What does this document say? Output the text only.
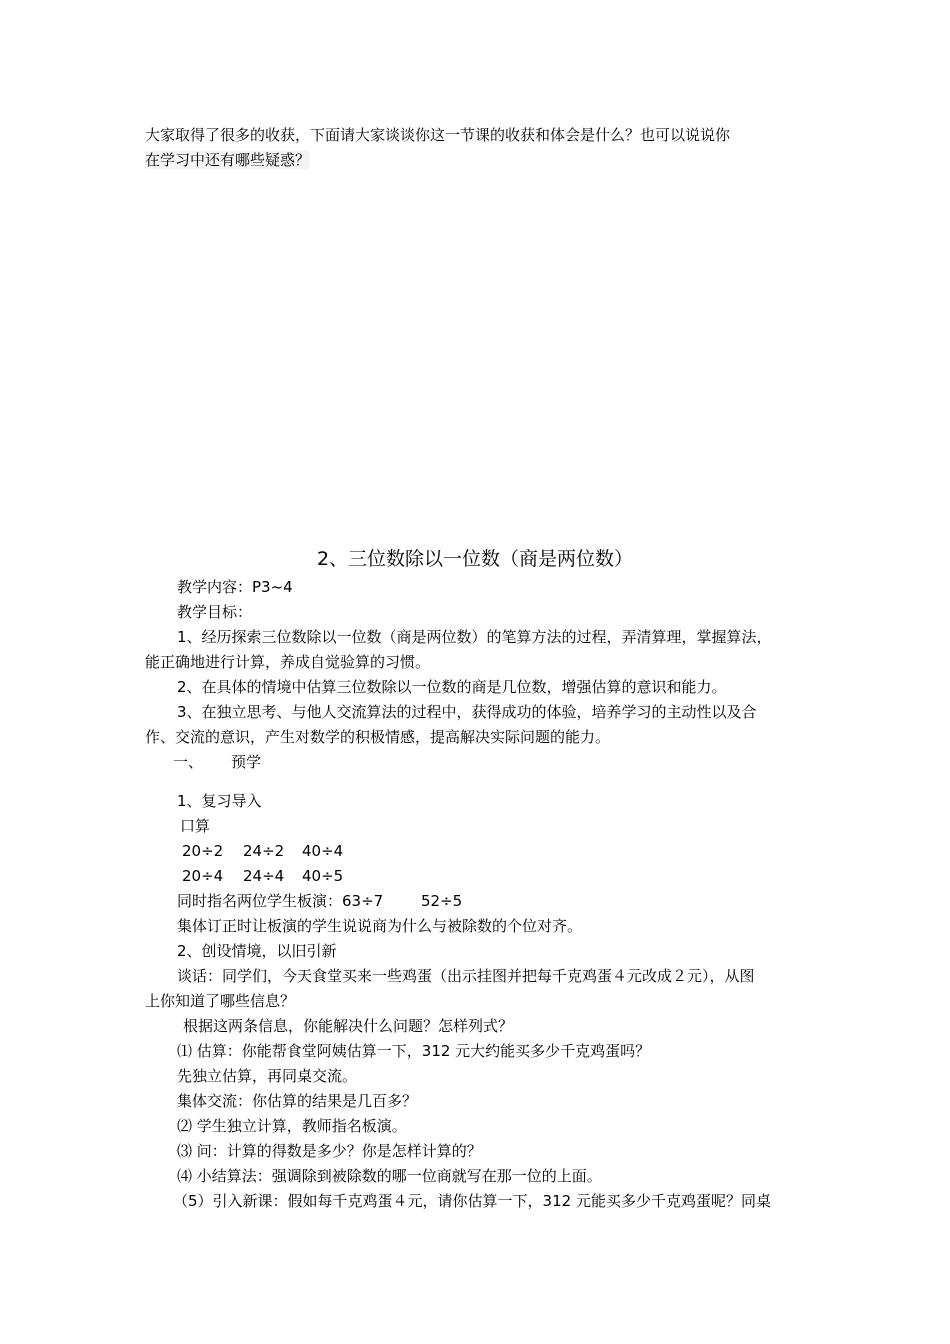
大家取得了很多的收获，下面请大家谈谈你这一节课的收获和体会是什么？也可以说说你
在学习中还有哪些疑惑？
2、三位数除以一位数（商是两位数）
教学内容：P3~4
教学目标：
1、经历探索三位数除以一位数（商是两位数）的笔算方法的过程，弄清算理，掌握算法，
能正确地进行计算，养成自觉验算的习惯。
2、在具体的情境中估算三位数除以一位数的商是几位数，增强估算的意识和能力。
3、在独立思考、与他人交流算法的过程中，获得成功的体验，培养学习的主动性以及合
作、交流的意识，产生对数学的积极情感，提高解决实际问题的能力。
一、 预学
1、复习导入
口算
20÷2 24÷2 40÷4
20÷4 24÷4 40÷5
同时指名两位学生板演：63÷7	52÷5
集体订正时让板演的学生说说商为什么与被除数的个位对齐。
2、创设情境，以旧引新
谈话：同学们，今天食堂买来一些鸡蛋（出示挂图并把每千克鸡蛋４元改成２元），从图
上你知道了哪些信息？
根据这两条信息，你能解决什么问题？怎样列式？
⑴ 估算：你能帮食堂阿姨估算一下，312 元大约能买多少千克鸡蛋吗？
先独立估算，再同桌交流。
集体交流：你估算的结果是几百多？
⑵ 学生独立计算，教师指名板演。
⑶ 问：计算的得数是多少？你是怎样计算的？
⑷ 小结算法：强调除到被除数的哪一位商就写在那一位的上面。
（5）引入新课：假如每千克鸡蛋４元，请你估算一下，312 元能买多少千克鸡蛋呢？同桌
